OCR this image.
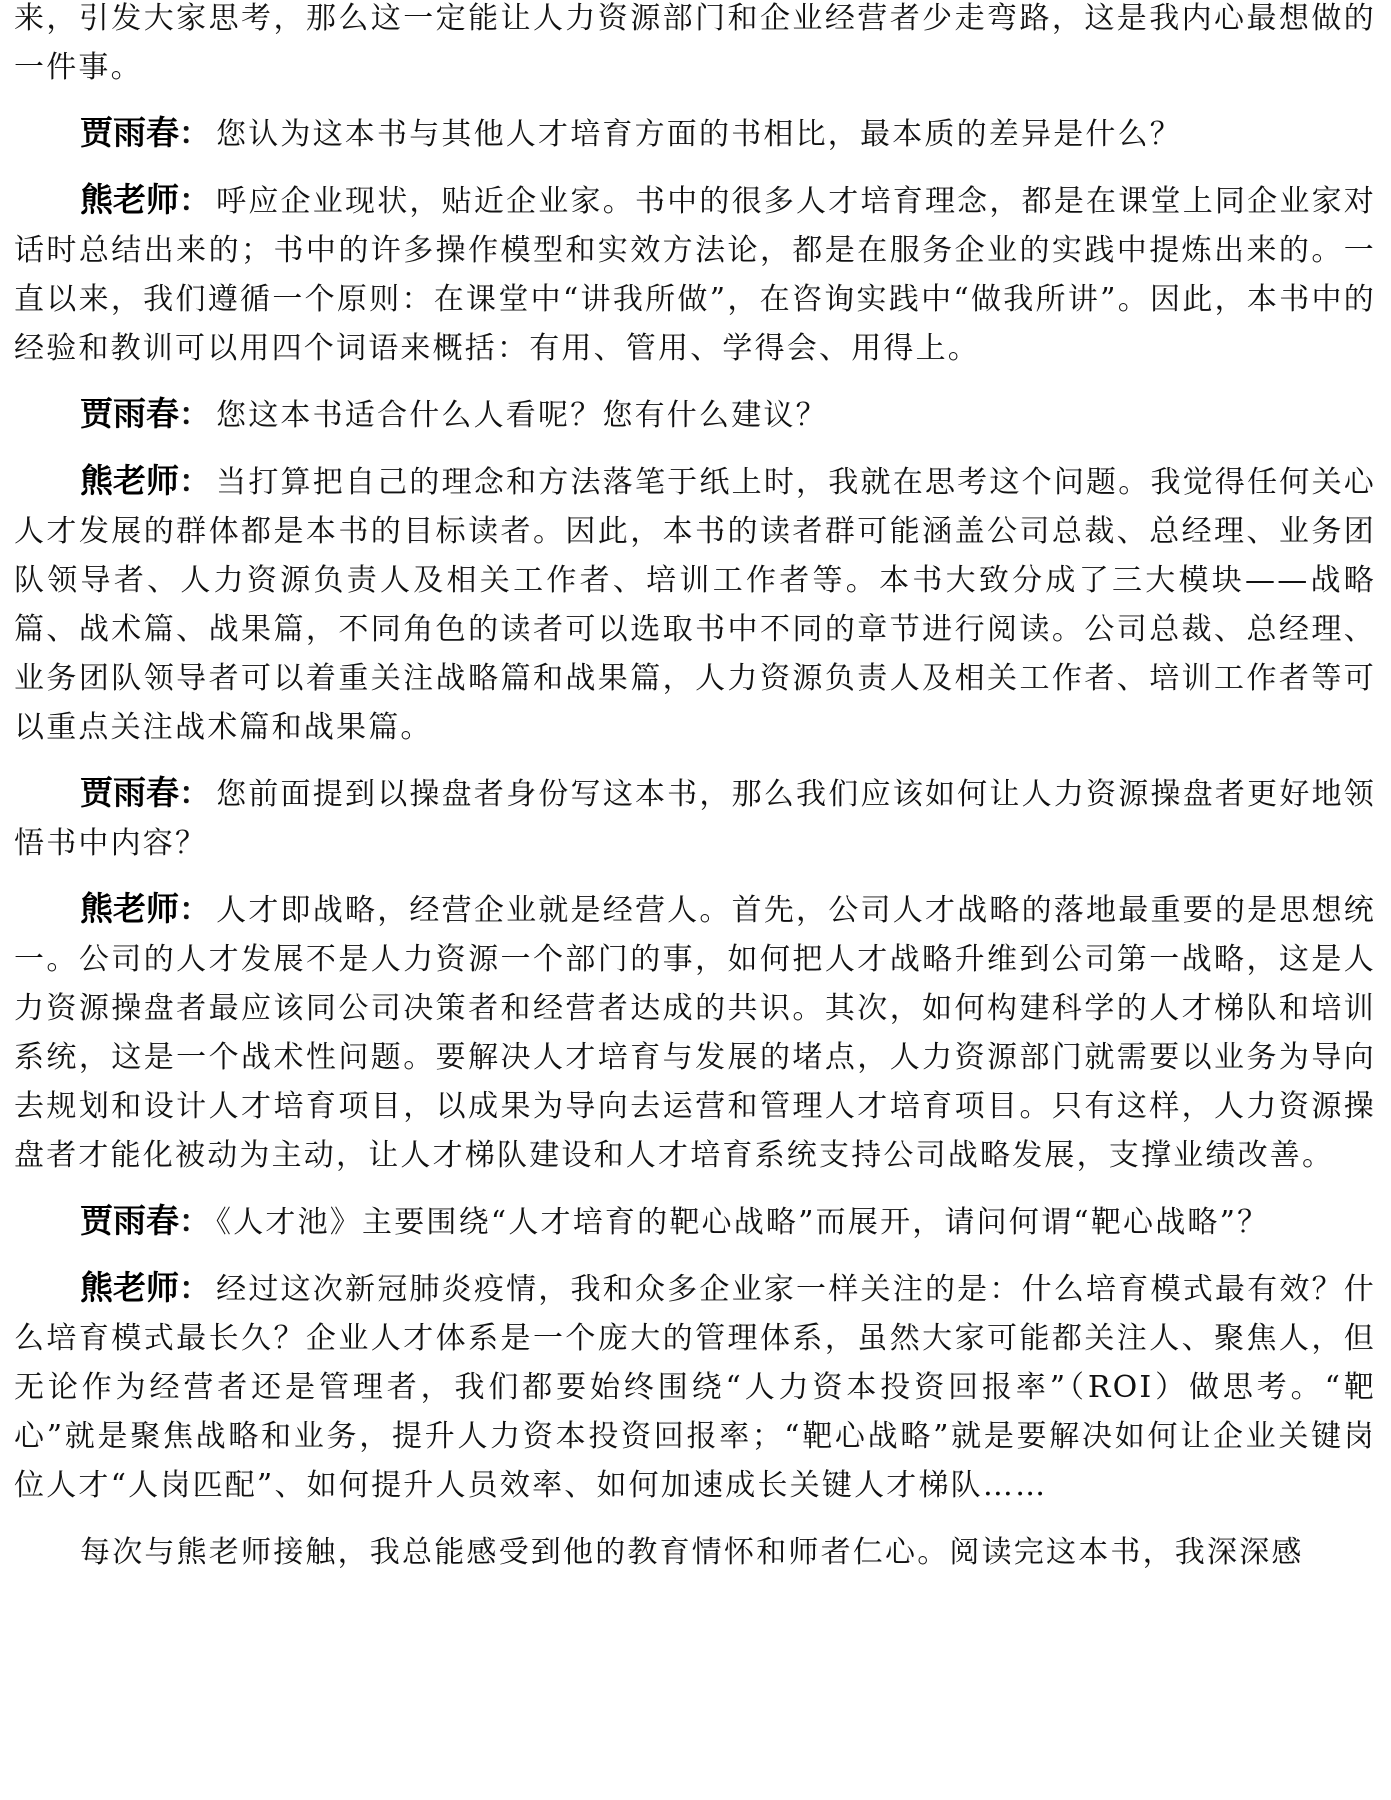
来，引发大家思考，那么这一定能让人力资源部门和企业经营者少走弯路，这是我内心最想做的一件事。

贾雨春： 您认为这本书与其他人才培育方面的书相比，最本质的差异是什么？

熊老师： 呼应企业现状，贴近企业家。书中的很多人才培育理念，都是在课堂上同企业家对话时总结出来的；书中的许多操作模型和实效方法论，都是在服务企业的实践中提炼出来的。一直以来，我们遵循一个原则：在课堂中“讲我所做”，在咨询实践中“做我所讲”。因此，本书中的经验和教训可以用四个词语来概括：有用、管用、学得会、用得上。

贾雨春： 您这本书适合什么人看呢？您有什么建议？

熊老师： 当打算把自己的理念和方法落笔于纸上时，我就在思考这个问题。我觉得任何关心人才发展的群体都是本书的目标读者。因此，本书的读者群可能涵盖公司总裁、总经理、业务团队领导者、人力资源负责人及相关工作者、培训工作者等。本书大致分成了三大模块——战略篇、战术篇、战果篇，不同角色的读者可以选取书中不同的章节进行阅读。公司总裁、总经理、业务团队领导者可以着重关注战略篇和战果篇，人力资源负责人及相关工作者、培训工作者等可以重点关注战术篇和战果篇。

贾雨春： 您前面提到以操盘者身份写这本书，那么我们应该如何让人力资源操盘者更好地领悟书中内容？

熊老师： 人才即战略，经营企业就是经营人。首先，公司人才战略的落地最重要的是思想统一。公司的人才发展不是人力资源一个部门的事，如何把人才战略升维到公司第一战略，这是人力资源操盘者最应该同公司决策者和经营者达成的共识。其次，如何构建科学的人才梯队和培训系统，这是一个战术性问题。要解决人才培育与发展的堵点，人力资源部门就需要以业务为导向去规划和设计人才培育项目，以成果为导向去运营和管理人才培育项目。只有这样，人力资源操盘者才能化被动为主动，让人才梯队建设和人才培育系统支持公司战略发展，支撑业绩改善。

贾雨春： 《人才池》主要围绕“人才培育的靶心战略”而展开，请问何谓“靶心战略”？

熊老师： 经过这次新冠肺炎疫情，我和众多企业家一样关注的是：什么培育模式最有效？什么培育模式最长久？企业人才体系是一个庞大的管理体系，虽然大家可能都关注人、聚焦人，但无论作为经营者还是管理者，我们都要始终围绕“人力资本投资回报率”（ROI）做思考。“靶心”就是聚焦战略和业务，提升人力资本投资回报率；“靶心战略”就是要解决如何让企业关键岗位人才“人岗匹配”、如何提升人员效率、如何加速成长关键人才梯队……

每次与熊老师接触，我总能感受到他的教育情怀和师者仁心。阅读完这本书，我深深感
